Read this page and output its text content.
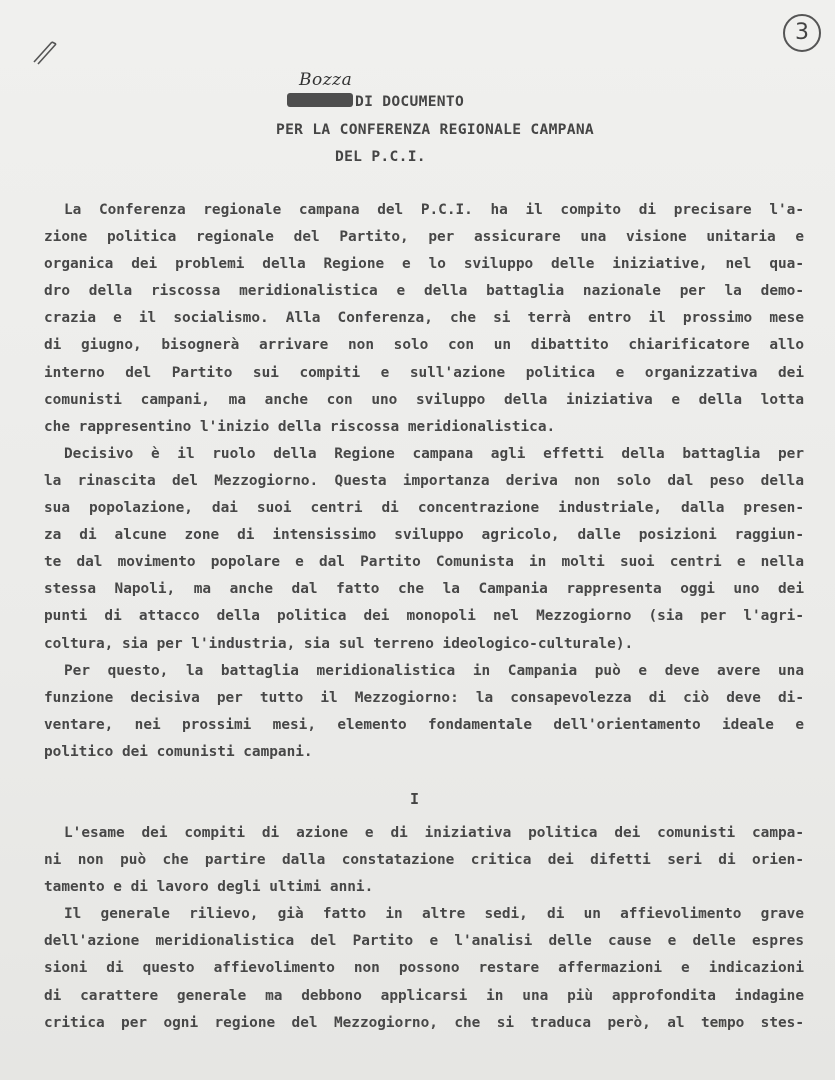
3
Bozza
DI DOCUMENTO
PER LA CONFERENZA REGIONALE CAMPANA
DEL P.C.I.
La Conferenza regionale campana del P.C.I. ha il compito di precisare l'a-
zione politica regionale del Partito, per assicurare una visione unitaria e
organica dei problemi della Regione e lo sviluppo delle iniziative, nel qua-
dro della riscossa meridionalistica e della battaglia nazionale per la demo-
crazia e il socialismo. Alla Conferenza, che si terrà entro il prossimo mese
di giugno, bisognerà arrivare non solo con un dibattito chiarificatore allo
interno del Partito sui compiti e sull'azione politica e organizzativa dei
comunisti campani, ma anche con uno sviluppo della iniziativa e della lotta
che rappresentino l'inizio della riscossa meridionalistica.
Decisivo è il ruolo della Regione campana agli effetti della battaglia per
la rinascita del Mezzogiorno. Questa importanza deriva non solo dal peso della
sua popolazione, dai suoi centri di concentrazione industriale, dalla presen-
za di alcune zone di intensissimo sviluppo agricolo, dalle posizioni raggiun-
te dal movimento popolare e dal Partito Comunista in molti suoi centri e nella
stessa Napoli, ma anche dal fatto che la Campania rappresenta oggi uno dei
punti di attacco della politica dei monopoli nel Mezzogiorno (sia per l'agri-
coltura, sia per l'industria, sia sul terreno ideologico-culturale).
Per questo, la battaglia meridionalistica in Campania può e deve avere una
funzione decisiva per tutto il Mezzogiorno: la consapevolezza di ciò deve di-
ventare, nei prossimi mesi, elemento fondamentale dell'orientamento ideale e
politico dei comunisti campani.
I
L'esame dei compiti di azione e di iniziativa politica dei comunisti campa-
ni non può che partire dalla constatazione critica dei difetti seri di orien-
tamento e di lavoro degli ultimi anni.
Il generale rilievo, già fatto in altre sedi, di un affievolimento grave
dell'azione meridionalistica del Partito e l'analisi delle cause e delle espres
sioni di questo affievolimento non possono restare affermazioni e indicazioni
di carattere generale ma debbono applicarsi in una più approfondita indagine
critica per ogni regione del Mezzogiorno, che si traduca però, al tempo stes-
